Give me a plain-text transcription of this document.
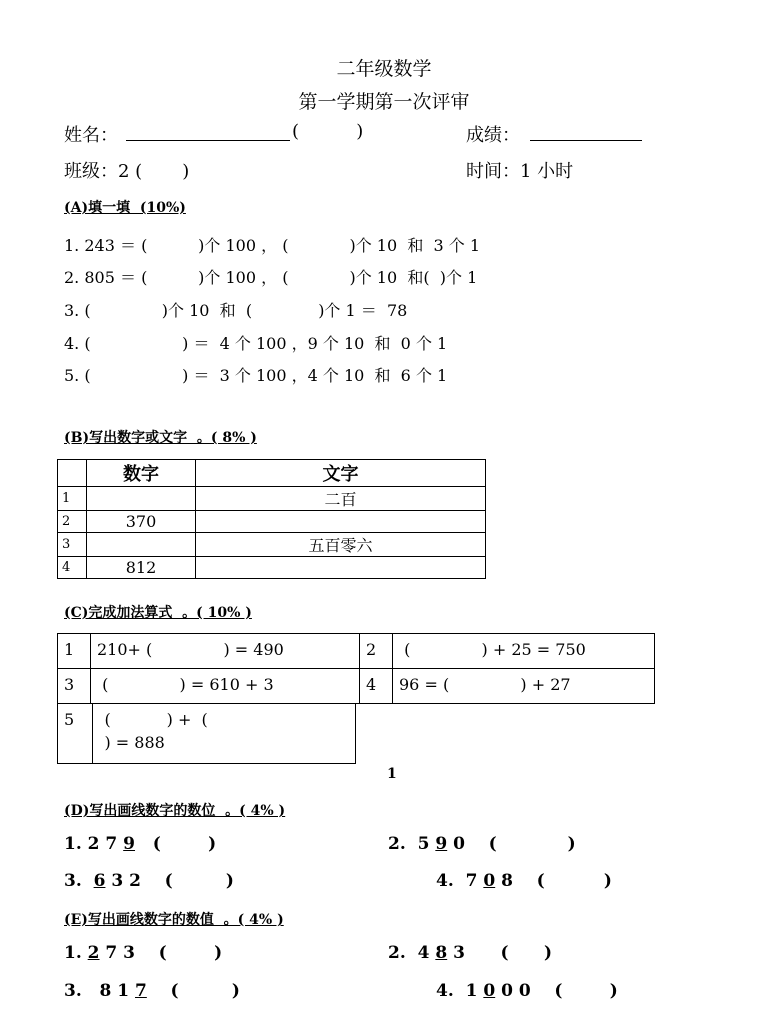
二年级数学
第一学期第一次评审
姓名：	(          )	成绩：
班级：2 (       )	时间：1 小时
(A)填一填  (10%)
1. 243 ＝ (          )个 100 ， (            )个 10  和  3 个 1
2. 805 ＝ (          )个 100 ， (            )个 10  和(  )个 1
3. (              )个 10  和  (             )个 1 ＝  78
4. (                  ) ＝  4 个 100 ，9 个 10  和  0 个 1
5. (                  ) ＝  3 个 100 ，4 个 10  和  6 个 1
(B)写出数字或文字  。( 8% )
	数字	文字
1		二百
2	370	
3		五百零六
4	812	
(C)完成加法算式  。( 10% )
1	210+ (              ) = 490	2	(              ) + 25 = 750
3	(              ) = 610 + 3	4	96 = (              ) + 27
5	(           ) +  (
) = 888
1
(D)写出画线数字的数位  。( 4% )
1. 2 7 9   (        )	2.  5 9 0    (            )
3.  6 3 2    (         )	4.  7 0 8    (          )
(E)写出画线数字的数值  。( 4% )
1. 2 7 3    (        )	2.  4 8 3      (      )
3.   8 1 7    (         )	4.  1 0 0 0    (        )
